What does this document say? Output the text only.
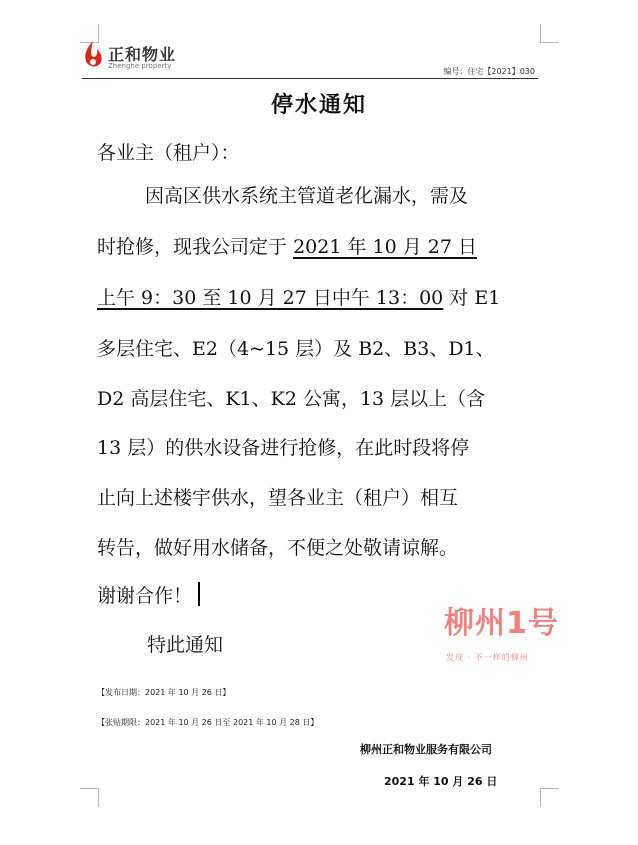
正和物业
Zhenghe property
编号：住宅【2021】030
停水通知
各业主（租户）：
因高区供水系统主管道老化漏水，需及
时抢修，现我公司定于 2021 年 10 月 27 日
上午 9：30 至 10 月 27 日中午 13：00 对 E1
多层住宅、E2（4~15 层）及 B2、B3、D1、
D2 高层住宅、K1、K2 公寓，13 层以上（含
13 层）的供水设备进行抢修，在此时段将停
止向上述楼宇供水，望各业主（租户）相互
转告，做好用水储备，不便之处敬请谅解。
谢谢合作！
特此通知
柳州1号
发现 · 不一样的柳州
【发布日期：2021 年 10 月 26 日】
【张贴期限：2021 年 10 月 26 日至 2021 年 10 月 28 日】
柳州正和物业服务有限公司
2021 年 10 月 26 日
